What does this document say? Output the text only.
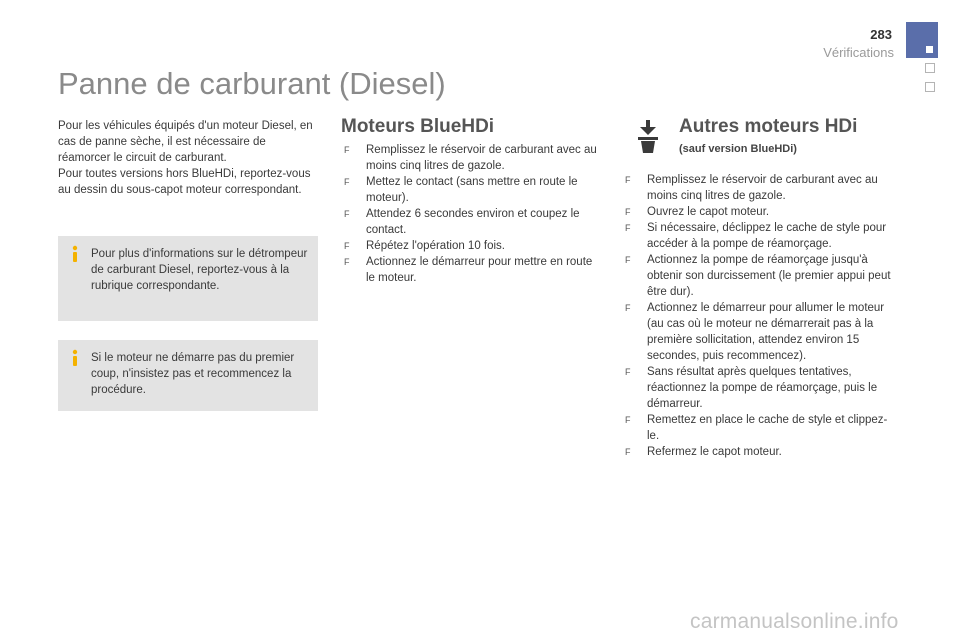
283
Vérifications
Panne de carburant (Diesel)

Pour les véhicules équipés d'un moteur Diesel, en cas de panne sèche, il est nécessaire de réamorcer le circuit de carburant.

Pour toutes versions hors BlueHDi, reportez-vous au dessin du sous-capot moteur correspondant.

Pour plus d'informations sur le détrompeur de carburant Diesel, reportez-vous à la rubrique correspondante.
Si le moteur ne démarre pas du premier coup, n'insistez pas et recommencez la procédure.
Moteurs BlueHDi
F Remplissez le réservoir de carburant avec au moins cinq litres de gazole.
F Mettez le contact (sans mettre en route le moteur).
F Attendez 6 secondes environ et coupez le contact.
F Répétez l'opération 10 fois.
F Actionnez le démarreur pour mettre en route le moteur.
Autres moteurs HDi
(sauf version BlueHDi)
F Remplissez le réservoir de carburant avec au moins cinq litres de gazole.
F Ouvrez le capot moteur.
F Si nécessaire, déclippez le cache de style pour accéder à la pompe de réamorçage.
F Actionnez la pompe de réamorçage jusqu'à obtenir son durcissement (le premier appui peut être dur).
F Actionnez le démarreur pour allumer le moteur (au cas où le moteur ne démarrerait pas à la première sollicitation, attendez environ 15 secondes, puis recommencez).
F Sans résultat après quelques tentatives, réactionnez la pompe de réamorçage, puis le démarreur.
F Remettez en place le cache de style et clippez-le.
F Refermez le capot moteur.
carmanualsonline.info
